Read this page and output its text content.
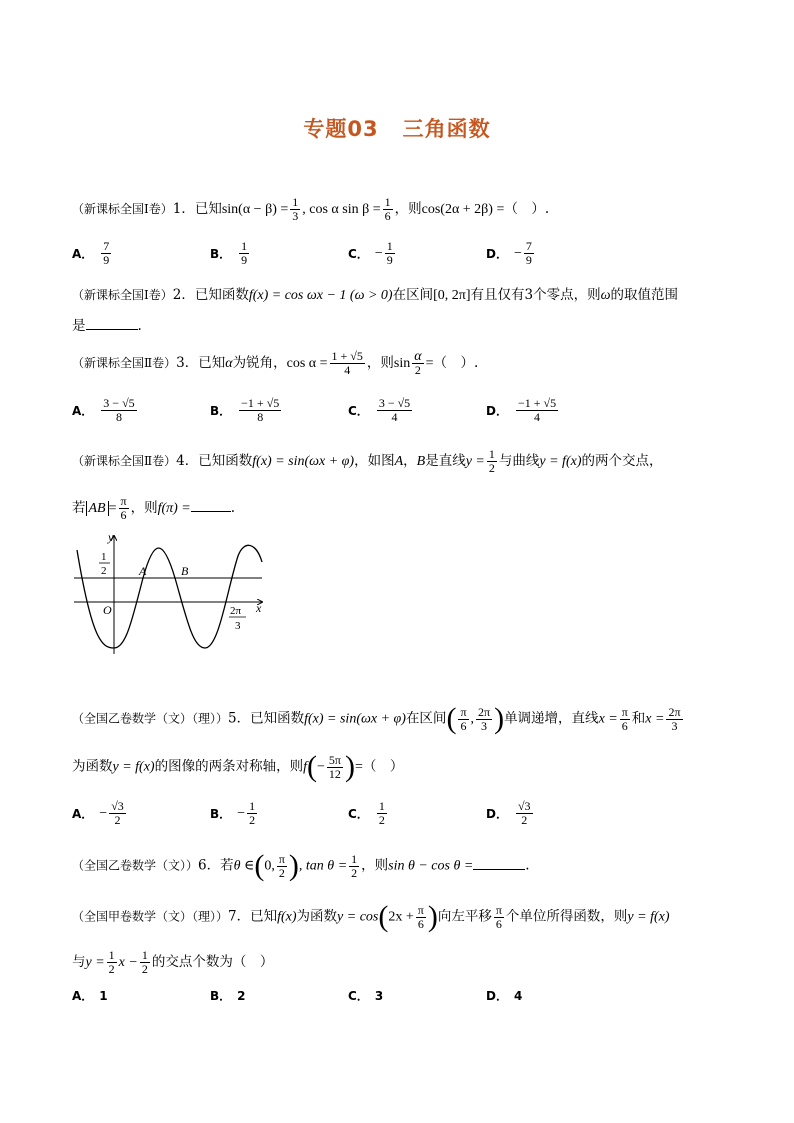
专题03 三角函数
（新课标全国Ⅰ卷）1．已知$\sin(\alpha - \beta) = \frac{1}{3}$ , cos α $\sin \beta = \frac{1}{6}$ ，则cos(2α + 2β) =（　）.
A． $\frac{7}{9}$	B． $\frac{1}{9}$	C． − $\frac{1}{9}$	D． − $\frac{7}{9}$
（新课标全国Ⅰ卷）2．已知函数f(x) = cos ωx − 1 (ω > 0)在区间[0, 2π]有且仅有3个零点，则ω的取值范围
是	.
（新课标全国Ⅱ卷）3．已知α为锐角，$\cos \alpha = \frac{1 + √5}{4}$ ，则$\sin \frac{\alpha}{2}$ =（　）.
A． $\frac{3 - √5}{8}$	B． $\frac{-1 + √5}{8}$	C． $\frac{3 - √5}{4}$	D． $\frac{-1 + √5}{4}$
（新课标全国Ⅱ卷）4．已知函数f(x) = sin(ωx + φ)，如图A，B是直线$y = \frac{1}{2}$ 与曲线y = f(x)的两个交点，
若 AB = $\frac{\pi}{6}$ ，则f(π) =	.
y
x
O
1
2	A	B
2π
3
（全国乙卷数学（文）（理））5．已知函数f(x) = sin(ωx + φ)在区间( $\frac{\pi}{6}$ , $\frac{2\pi}{3}$ )单调递增，直线$x = \frac{\pi}{6}$ 和$x = \frac{2\pi}{3}$
为函数y = f(x)的图像的两条对称轴，则$f(- \frac{5\pi}{12}$ )=（　）
A． − $\frac{√3}{2}$	B． − $\frac{1}{2}$	C． $\frac{1}{2}$	D． $\frac{√3}{2}$
（全国乙卷数学（文））6．若θ ∈(0, $\frac{\pi}{2}$ ), $\tan \theta = \frac{1}{2}$ ，则sin θ − cos θ =	.
（全国甲卷数学（文）（理））7．已知f(x)为函数$y = \cos(2x + \frac{\pi}{6}$ )向左平移 $\frac{\pi}{6}$ 个单位所得函数，则y = f(x)
与$y = \frac{1}{2}$ $x - \frac{1}{2}$ 的交点个数为（　）
A． 1	B． 2	C． 3	D． 4
